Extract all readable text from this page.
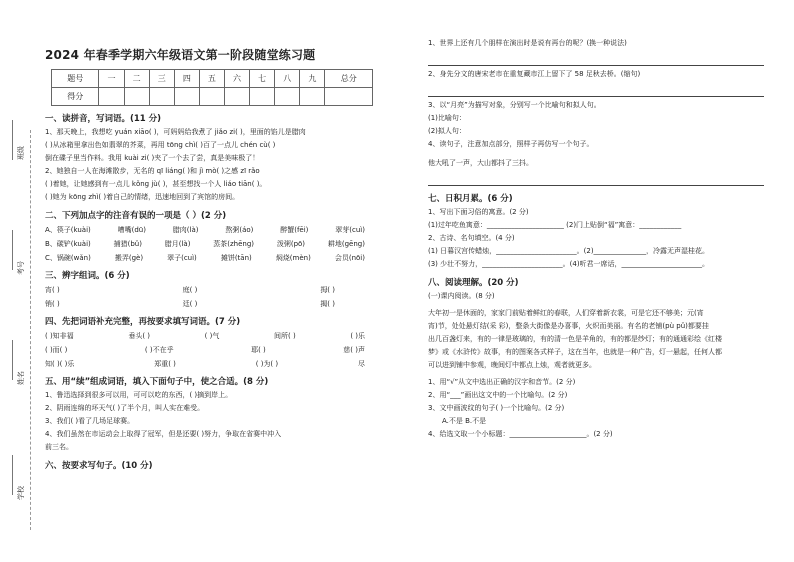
班级
考号
姓名
学校
2024 年春季学期六年级语文第一阶段随堂练习题
题号	一	二	三	四	五	六	七	八	九	总分
得分										
一、读拼音，写词语。(11 分)
1、那天晚上，我想吃 yuán xiāo( )，可妈妈给我煮了 jiǎo zi( )，里面的馅儿是腊肉
( )从冰箱里拿出色如翡翠的芥菜，再用 tōng chì( )百了一点儿 chén cù( )
倒在碟子里当作料。我用 kuài zi( )夹了一个去了尝，真是美味极了！
2、她独自一人在海滩散步，无名的 qī liáng( )和 jì mò( )之感 zī rǎo
( )着她，让她感到有一点儿 kǒng jù( )，甚至想找一个人 liáo tiān( )。
( )她为 kōng zhì( )着自己的情绪，迅速地回到了宾馆的房间。
二、下列加点字的注音有误的一项是（ ）(2 分)
A、筷子(kuài)	嘈嘴(dū)	腊肉(là)	熬粥(áo)	醉蟹(fēi)	翠芽(cuì)
B、碳铲(kuài)	捕猎(bǔ)	腊月(là)	蒸茶(zhēng)	泼粥(pō)	耕地(gēng)
C、锅碗(wǎn)	搬弄(gè)	翠子(cuì)	摊饼(tān)	焖烧(mèn)	会员(nōi)
三、辨字组词。(6 分)
宵( )	庭( )	拇( )
销( )	廷( )	揭( )
四、先把词语补充完整，再按要求填写词语。(7 分)
( )知非福	垂头( )	( )气	间所( )	( )乐
( )而( )	( )不在乎	耶( )	慈( )声
知( )( )乐	郑重( )	( )为( )	尽
五、用“续”组成词语，填入下面句子中，使之合适。(8 分)
1、鲁迅选择到很多可以用，可可以吃的东西，( )摘到岸上。
2、阴雨连绵的坏天气( )了半个月，叫人实在难受。
3、我们( )看了几场足球赛。
4、我们虽然在市运动会上取得了冠军，但是还要( )努力，争取在省赛中冲入
前三名。
六、按要求写句子。(10 分)
1、世界上还有几个朋样在演出时是说有再台的呢？(换一种说法)
2、身先分文的唐宋老市在重复藏市江上留下了 58 足秋去桥。(缩句)
3、以“月亮”为描写对象，分别写一个比喻句和拟人句。
(1)比喻句：
(2)拟人句：
4、读句子，注意加点部分，照样子再仿写一个句子。
他大吼了一声，大山都抖了三抖。
七、日积月累。(6 分)
1、写出下面习俗的寓意。(2 分)
(1)过年吃鱼寓意：______________________ (2)门上贴倒“福”寓意：____________
2、古诗、名句填空。(4 分)
(1) 日暮汉宫传蜡烛，_______________________。(2)_______________，冷露无声湿桂花。
(3) 少壮不努力，_______________________。(4)听君一席话，_______________________。
八、阅读理解。(20 分)
(一)课内阅读。(8 分)
大年初一是休面的，家家门前贴着鲜红的春联，人们穿着新衣裳，可是它还不够美；元(宵
宵)节，处处悬灯结(采 彩)，整条大街像是办喜事，火炽而美丽。有名的老铺(pù pǔ)都要挂
出几百盏灯来，有的一律是玻璃的，有的清一色是羊角的，有的都是纱灯；有的通通彩绘《红楼
梦》或《水浒传》故事，有的图案各式样子，这在当年，也就是一种广告，灯一悬起，任何人都
可以进到铺中参观，晚间灯中都点上烛，观者就更多。
1、用“√”从文中选出正确的汉字和音节。(2 分)
2、用“___”画出这文中的一个比喻句。(2 分)
3、文中画波纹的句子( )一个比喻句。(2 分)
A.不是 B.不是
4、给选文取一个小标题：______________________。(2 分)
